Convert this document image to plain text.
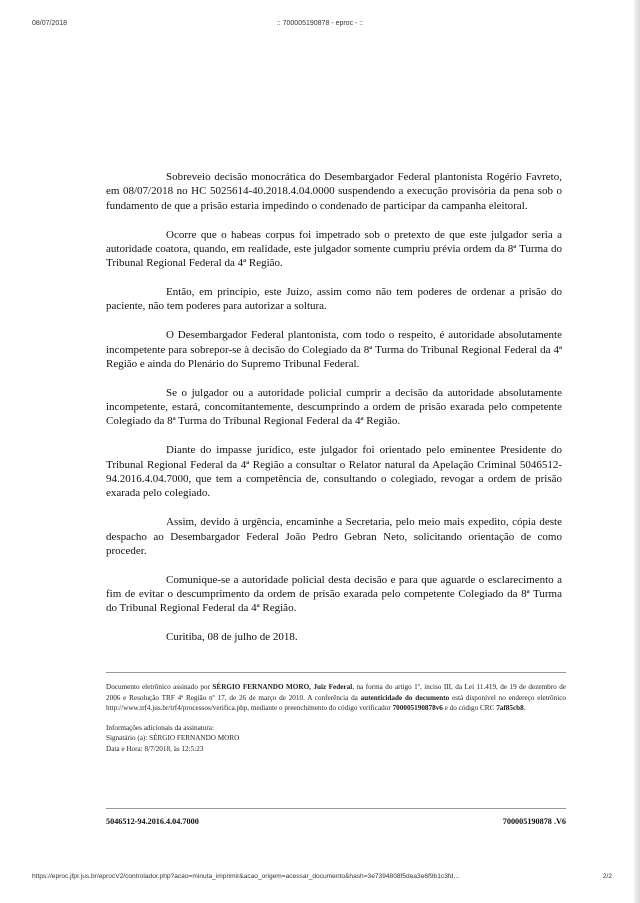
08/07/2018	:: 700005190878 - eproc - ::

Sobreveio decisão monocrática do Desembargador Federal plantonista Rogério Favreto, em 08/07/2018 no HC 5025614-40.2018.4.04.0000 suspendendo a execução provisória da pena sob o fundamento de que a prisão estaria impedindo o condenado de participar da campanha eleitoral.

Ocorre que o habeas corpus foi impetrado sob o pretexto de que este julgador seria a autoridade coatora, quando, em realidade, este julgador somente cumpriu prévia ordem da 8ª Turma do Tribunal Regional Federal da 4ª Região.

Então, em princípio, este Juízo, assim como não tem poderes de ordenar a prisão do paciente, não tem poderes para autorizar a soltura.

O Desembargador Federal plantonista, com todo o respeito, é autoridade absolutamente incompetente para sobrepor-se à decisão do Colegiado da 8ª Turma do Tribunal Regional Federal da 4ª Região e ainda do Plenário do Supremo Tribunal Federal.

Se o julgador ou a autoridade policial cumprir a decisão da autoridade absolutamente incompetente, estará, concomitantemente, descumprindo a ordem de prisão exarada pelo competente Colegiado da 8ª Turma do Tribunal Regional Federal da 4ª Região.

Diante do impasse jurídico, este julgador foi orientado pelo eminentee Presidente do Tribunal Regional Federal da 4ª Região a consultar o Relator natural da Apelação Criminal 5046512-94.2016.4.04.7000, que tem a competência de, consultando o colegiado, revogar a ordem de prisão exarada pelo colegiado.

Assim, devido à urgência, encaminhe a Secretaria, pelo meio mais expedito, cópia deste despacho ao Desembargador Federal João Pedro Gebran Neto, solicitando orientação de como proceder.

Comunique-se a autoridade policial desta decisão e para que aguarde o esclarecimento a fim de evitar o descumprimento da ordem de prisão exarada pelo competente Colegiado da 8ª Turma do Tribunal Regional Federal da 4ª Região.

Curitiba, 08 de julho de 2018.

Documento eletrônico assinado por SÉRGIO FERNANDO MORO, Juiz Federal, na forma do artigo 1º, inciso III, da Lei 11.419, de 19 de dezembro de 2006 e Resolução TRF 4ª Região nº 17, de 26 de março de 2010. A conferência da autenticidade do documento está disponível no endereço eletrônico http://www.trf4.jus.br/trf4/processos/verifica.php, mediante o preenchimento do código verificador 700005190878v6 e do código CRC 7af85cb8.

Informações adicionais da assinatura:

Signatário (a): SÉRGIO FERNANDO MORO

Data e Hora: 8/7/2018, às 12:5:23

5046512-94.2016.4.04.7000	700005190878 .V6
https://eproc.jfpr.jus.br/eprocV2/controlador.php?acao=minuta_imprimir&acao_origem=acessar_documento&hash=3e7394808f5dea3e6f9b1c3fd…	2/2
